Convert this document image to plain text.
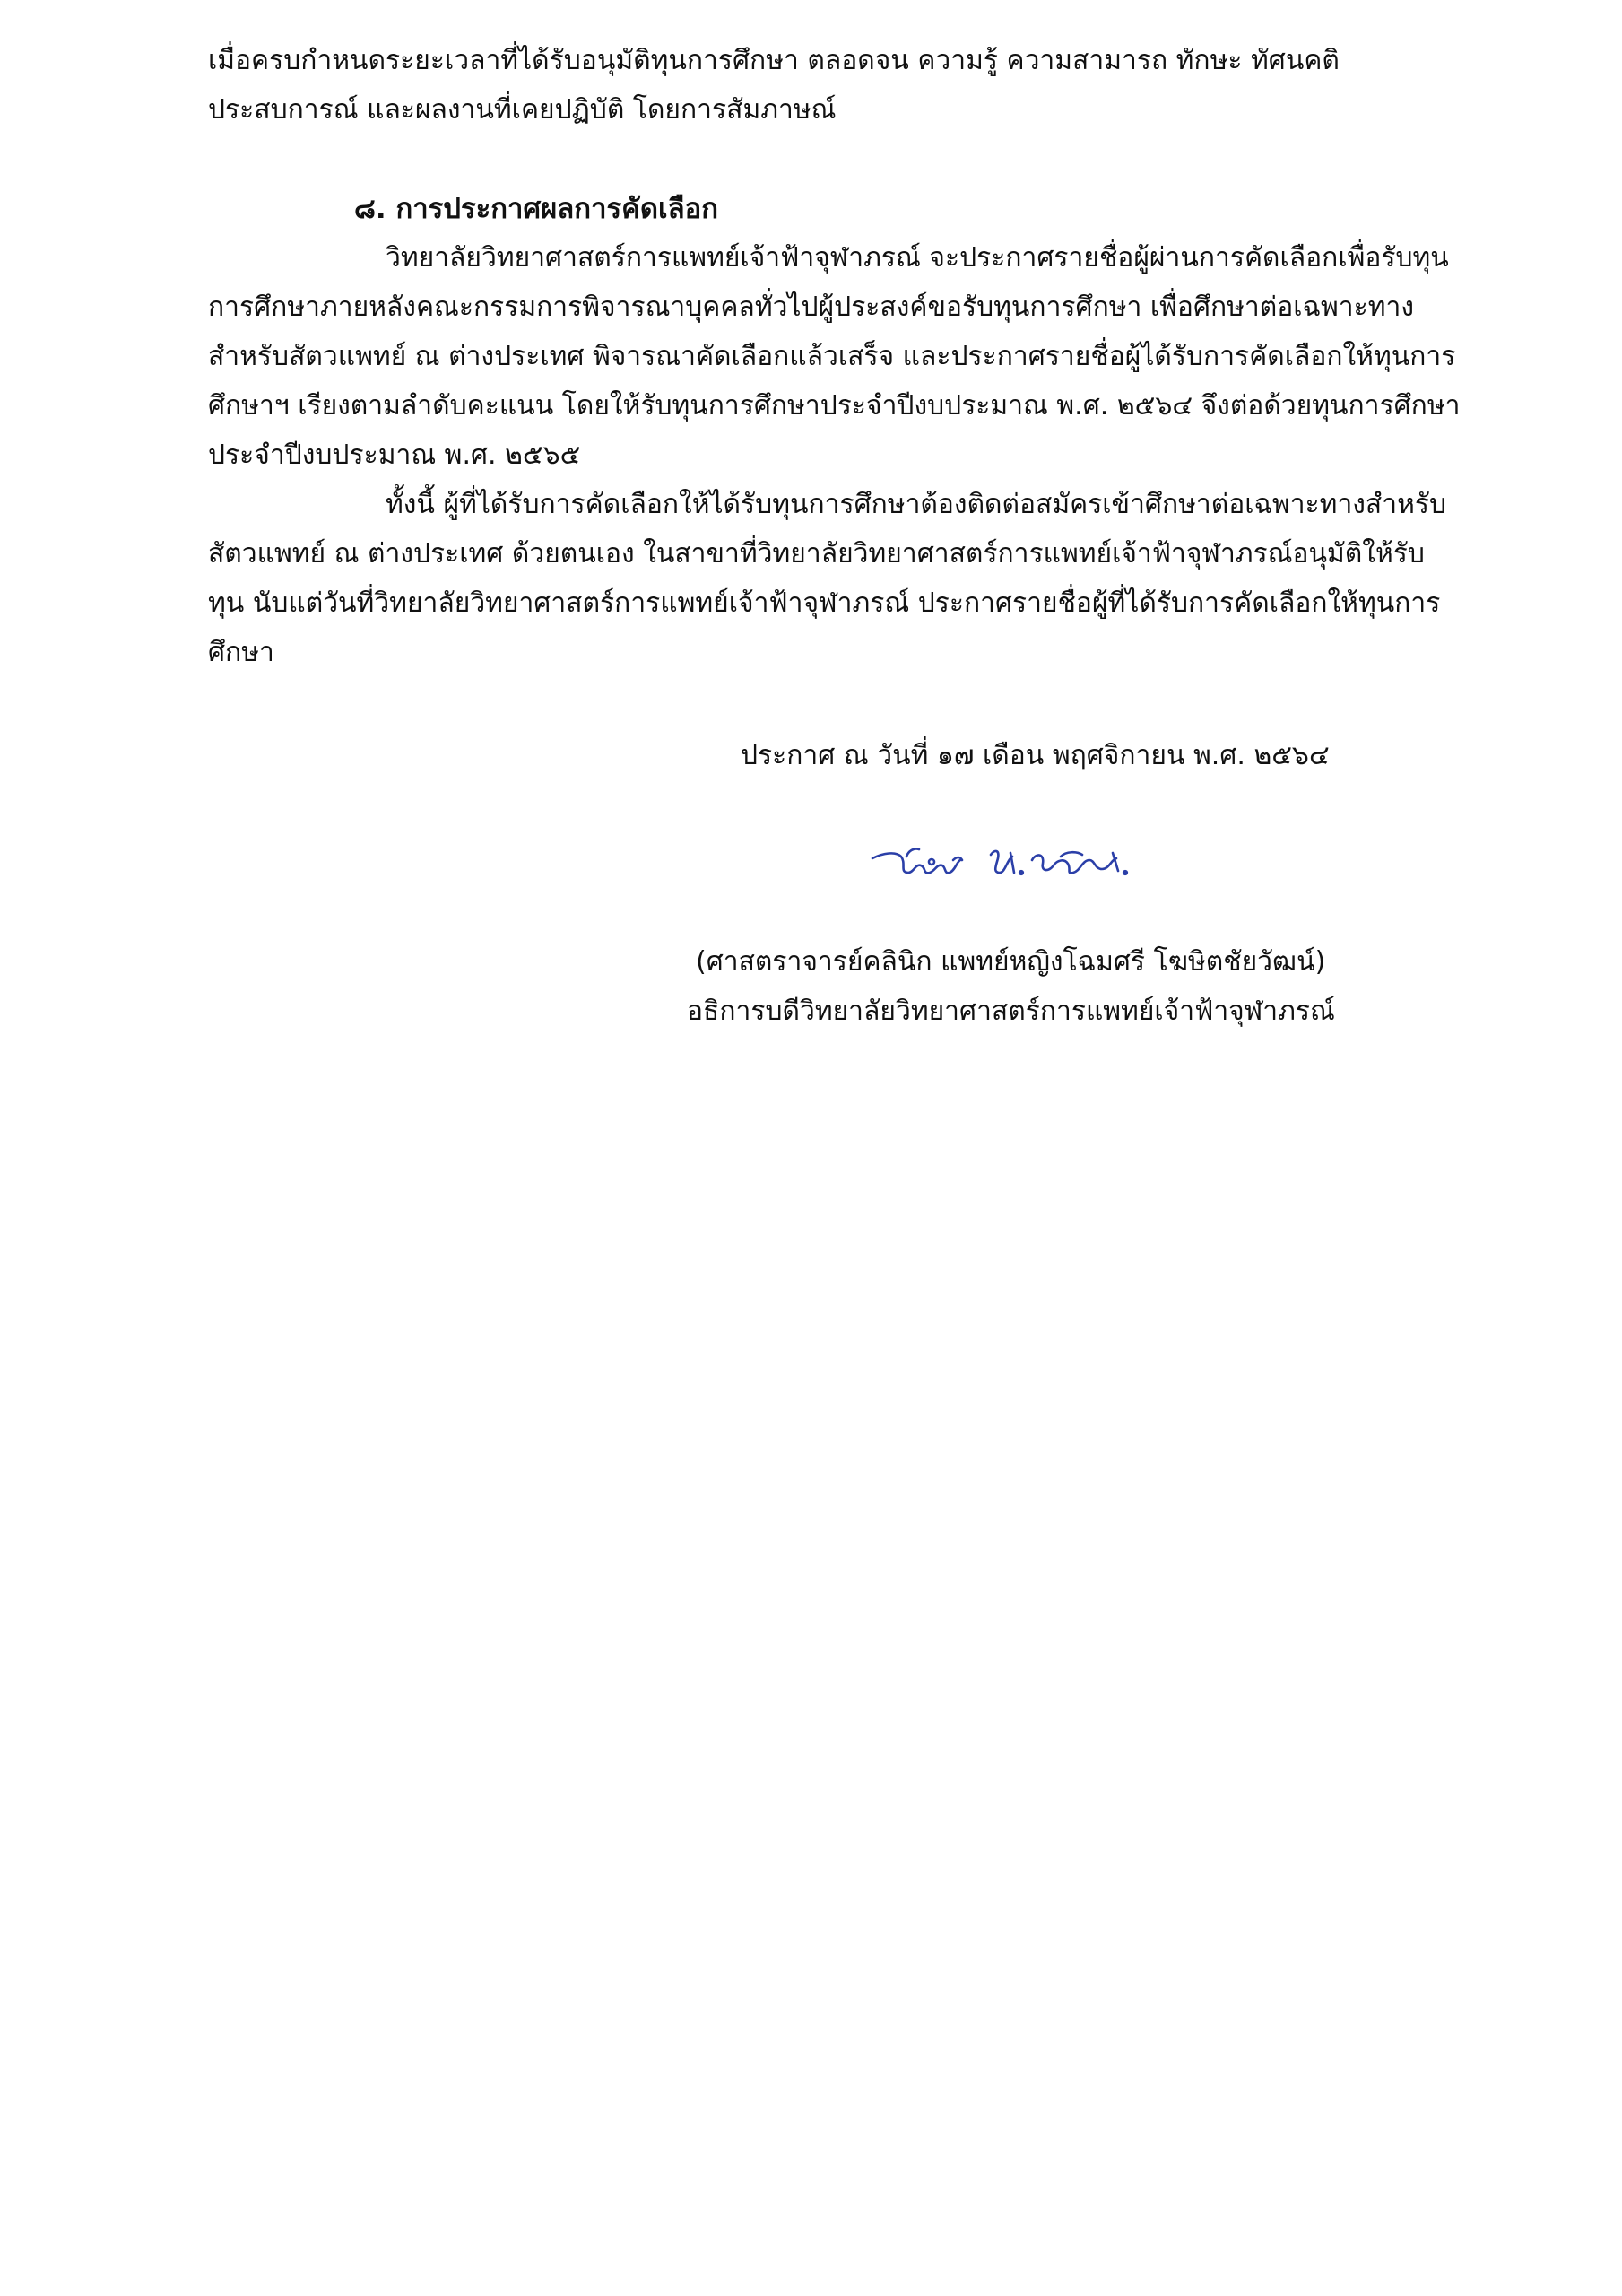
เมื่อครบกำหนดระยะเวลาที่ได้รับอนุมัติทุนการศึกษา ตลอดจน ความรู้ ความสามารถ ทักษะ ทัศนคติ
ประสบการณ์ และผลงานที่เคยปฏิบัติ โดยการสัมภาษณ์
๘. การประกาศผลการคัดเลือก
วิทยาลัยวิทยาศาสตร์การแพทย์เจ้าฟ้าจุฬาภรณ์ จะประกาศรายชื่อผู้ผ่านการคัดเลือกเพื่อรับทุน
การศึกษาภายหลังคณะกรรมการพิจารณาบุคคลทั่วไปผู้ประสงค์ขอรับทุนการศึกษา เพื่อศึกษาต่อเฉพาะทาง
สำหรับสัตวแพทย์ ณ ต่างประเทศ พิจารณาคัดเลือกแล้วเสร็จ และประกาศรายชื่อผู้ได้รับการคัดเลือกให้ทุนการ
ศึกษาฯ เรียงตามลำดับคะแนน โดยให้รับทุนการศึกษาประจำปีงบประมาณ พ.ศ. ๒๕๖๔ จึงต่อด้วยทุนการศึกษา
ประจำปีงบประมาณ พ.ศ. ๒๕๖๕
ทั้งนี้ ผู้ที่ได้รับการคัดเลือกให้ได้รับทุนการศึกษาต้องติดต่อสมัครเข้าศึกษาต่อเฉพาะทางสำหรับ
สัตวแพทย์ ณ ต่างประเทศ ด้วยตนเอง ในสาขาที่วิทยาลัยวิทยาศาสตร์การแพทย์เจ้าฟ้าจุฬาภรณ์อนุมัติให้รับ
ทุน นับแต่วันที่วิทยาลัยวิทยาศาสตร์การแพทย์เจ้าฟ้าจุฬาภรณ์ ประกาศรายชื่อผู้ที่ได้รับการคัดเลือกให้ทุนการ
ศึกษา
ประกาศ ณ วันที่ ๑๗ เดือน พฤศจิกายน พ.ศ. ๒๕๖๔
(ศาสตราจารย์คลินิก แพทย์หญิงโฉมศรี โฆษิตชัยวัฒน์)
อธิการบดีวิทยาลัยวิทยาศาสตร์การแพทย์เจ้าฟ้าจุฬาภรณ์
